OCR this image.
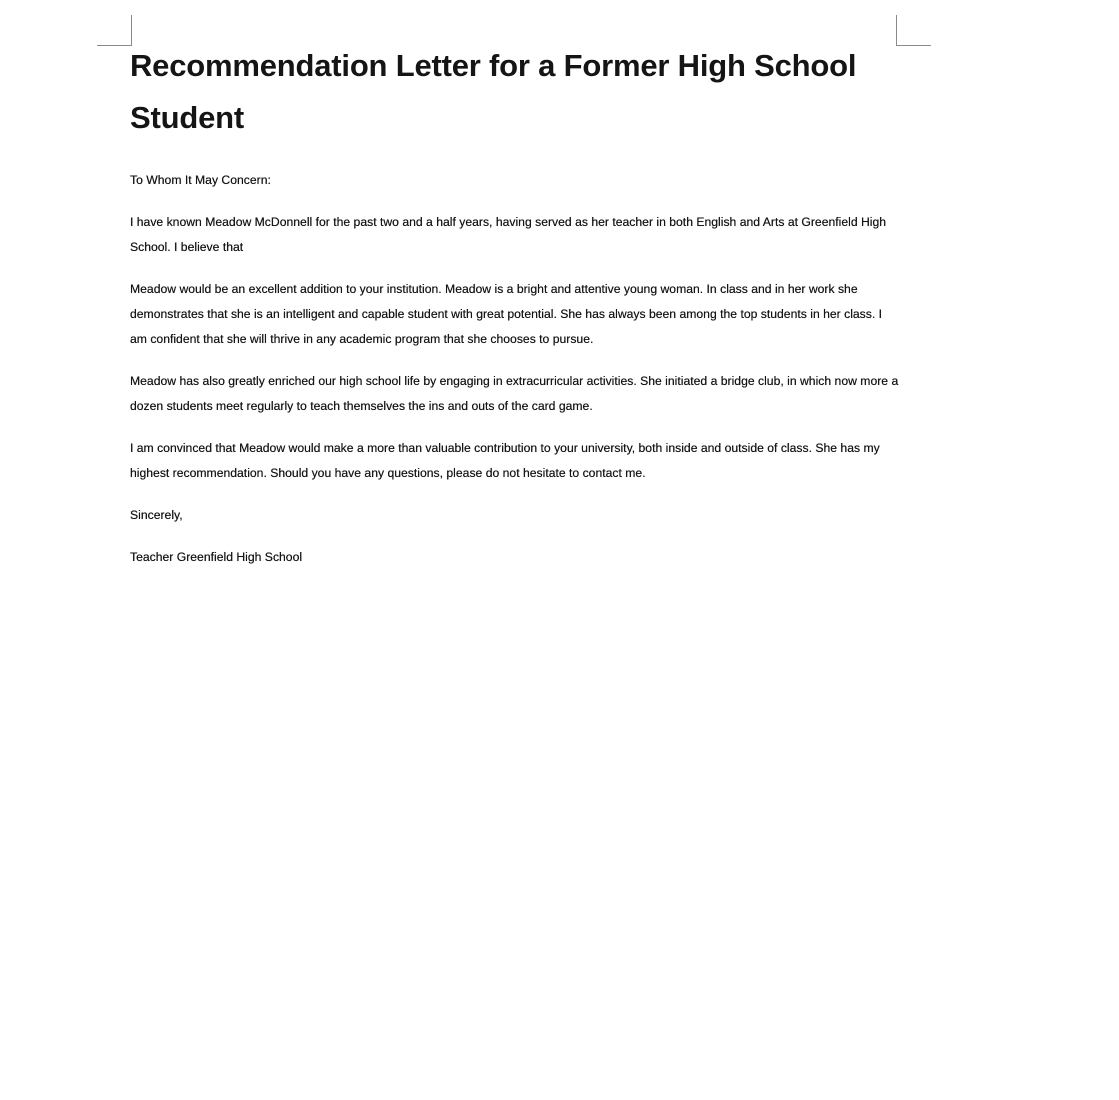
Recommendation Letter for a Former High School Student

To Whom It May Concern:

I have known Meadow McDonnell for the past two and a half years, having served as her teacher in both English and Arts at Greenfield High School. I believe that

Meadow would be an excellent addition to your institution. Meadow is a bright and attentive young woman. In class and in her work she demonstrates that she is an intelligent and capable student with great potential. She has always been among the top students in her class. I am confident that she will thrive in any academic program that she chooses to pursue.

Meadow has also greatly enriched our high school life by engaging in extracurricular activities. She initiated a bridge club, in which now more a dozen students meet regularly to teach themselves the ins and outs of the card game.

I am convinced that Meadow would make a more than valuable contribution to your university, both inside and outside of class. She has my highest recommendation. Should you have any questions, please do not hesitate to contact me.

Sincerely,

Teacher Greenfield High School
